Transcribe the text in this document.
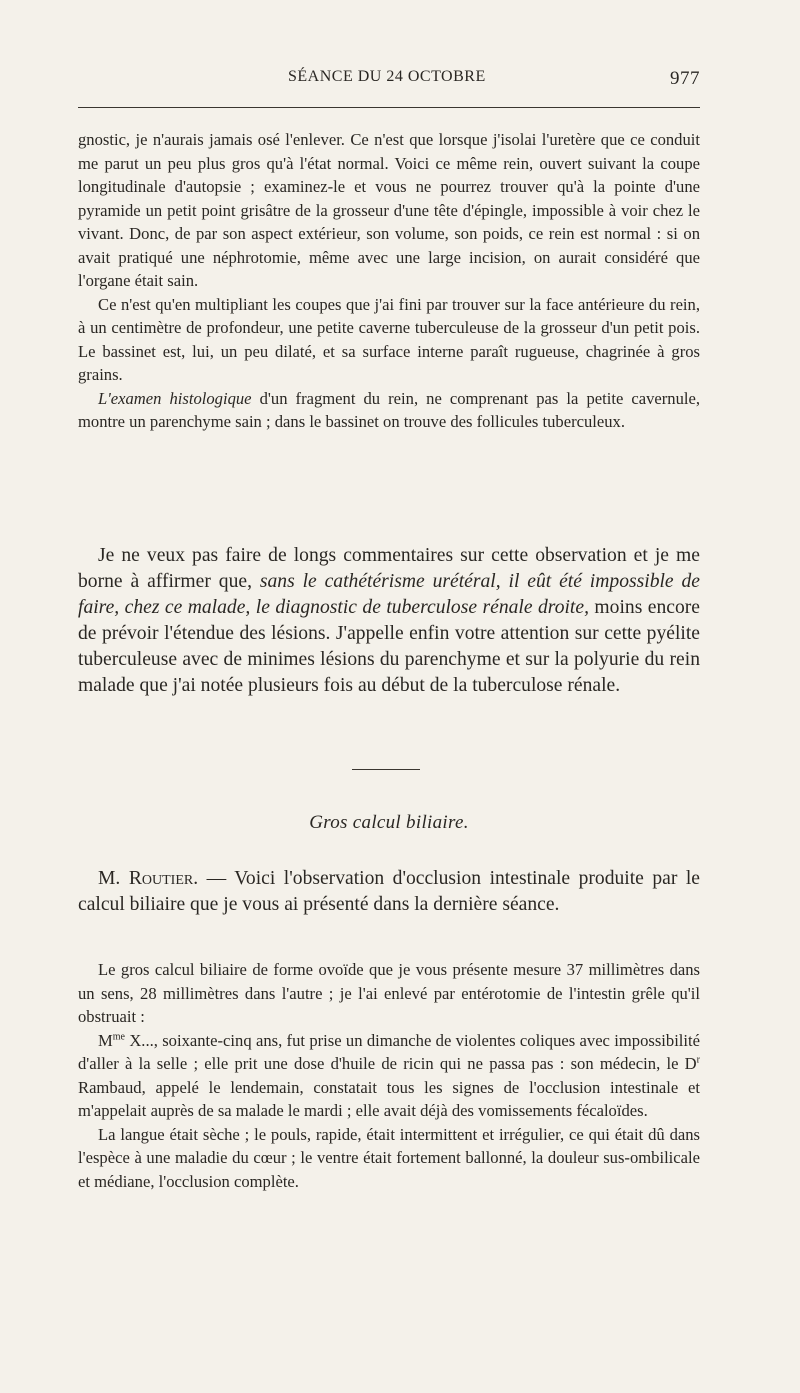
SÉANCE DU 24 OCTOBRE	977

gnostic, je n'aurais jamais osé l'enlever. Ce n'est que lorsque j'isolai l'uretère que ce conduit me parut un peu plus gros qu'à l'état normal. Voici ce même rein, ouvert suivant la coupe longitudinale d'autopsie ; examinez-le et vous ne pourrez trouver qu'à la pointe d'une pyramide un petit point grisâtre de la grosseur d'une tête d'épingle, impossible à voir chez le vivant. Donc, de par son aspect extérieur, son volume, son poids, ce rein est normal : si on avait pratiqué une néphrotomie, même avec une large incision, on aurait considéré que l'organe était sain.

Ce n'est qu'en multipliant les coupes que j'ai fini par trouver sur la face antérieure du rein, à un centimètre de profondeur, une petite caverne tuberculeuse de la grosseur d'un petit pois. Le bassinet est, lui, un peu dilaté, et sa surface interne paraît rugueuse, chagrinée à gros grains.

L'examen histologique d'un fragment du rein, ne comprenant pas la petite cavernule, montre un parenchyme sain ; dans le bassinet on trouve des follicules tuberculeux.

Je ne veux pas faire de longs commentaires sur cette observation et je me borne à affirmer que, sans le cathétérisme urétéral, il eût été impossible de faire, chez ce malade, le diagnostic de tuberculose rénale droite, moins encore de prévoir l'étendue des lésions. J'appelle enfin votre attention sur cette pyélite tuberculeuse avec de minimes lésions du parenchyme et sur la polyurie du rein malade que j'ai notée plusieurs fois au début de la tuberculose rénale.

Gros calcul biliaire.

M. Routier. — Voici l'observation d'occlusion intestinale produite par le calcul biliaire que je vous ai présenté dans la dernière séance.

Le gros calcul biliaire de forme ovoïde que je vous présente mesure 37 millimètres dans un sens, 28 millimètres dans l'autre ; je l'ai enlevé par entérotomie de l'intestin grêle qu'il obstruait :

$M^{me}$ X..., soixante-cinq ans, fut prise un dimanche de violentes coliques avec impossibilité d'aller à la selle ; elle prit une dose d'huile de ricin qui ne passa pas : son médecin, le $D^r$ Rambaud, appelé le lendemain, constatait tous les signes de l'occlusion intestinale et m'appelait auprès de sa malade le mardi ; elle avait déjà des vomissements fécaloïdes.

La langue était sèche ; le pouls, rapide, était intermittent et irrégulier, ce qui était dû dans l'espèce à une maladie du cœur ; le ventre était fortement ballonné, la douleur sus-ombilicale et médiane, l'occlusion complète.
